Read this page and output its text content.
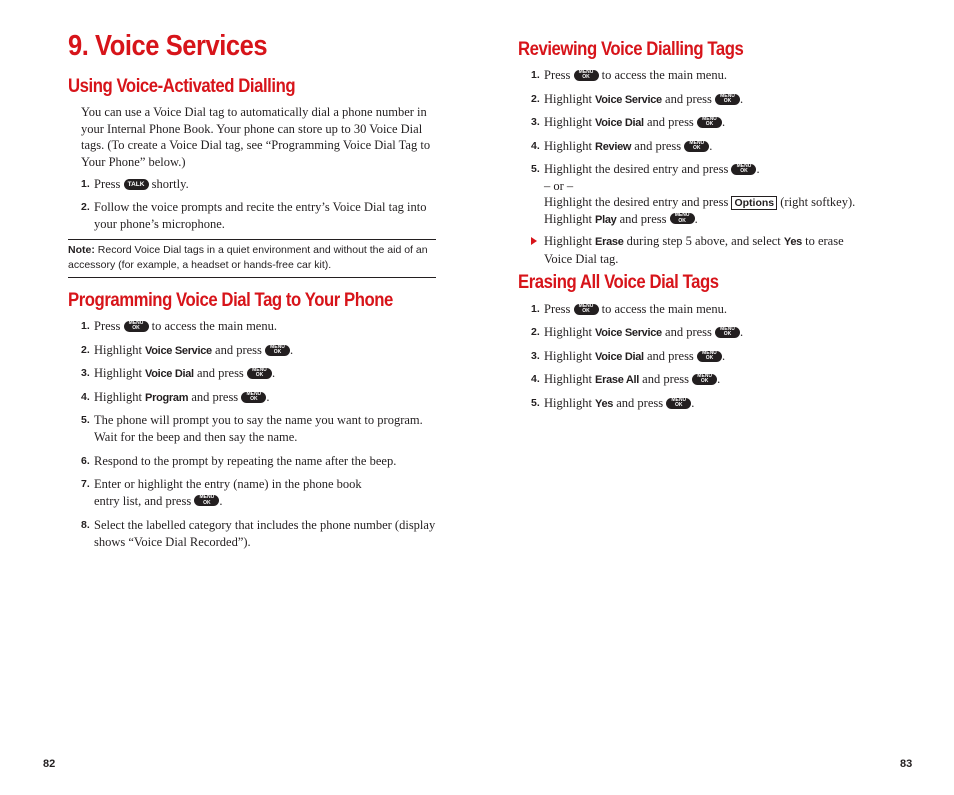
9. Voice Services
Using Voice-Activated Dialling
You can use a Voice Dial tag to automatically dial a phone number in your Internal Phone Book. Your phone can store up to 30 Voice Dial tags. (To create a Voice Dial tag, see “Programming Voice Dial Tag to Your Phone” below.)
1. Press TALK shortly.
2. Follow the voice prompts and recite the entry’s Voice Dial tag into your phone’s microphone.
Note: Record Voice Dial tags in a quiet environment and without the aid of an accessory (for example, a headset or hands-free car kit).
Programming Voice Dial Tag to Your Phone
1. Press MENU
OK to access the main menu.
2. Highlight Voice Service and press MENU
OK .
3. Highlight Voice Dial and press MENU
OK .
4. Highlight Program and press MENU
OK .
5. The phone will prompt you to say the name you want to program. Wait for the beep and then say the name.
6. Respond to the prompt by repeating the name after the beep.
7. Enter or highlight the entry (name) in the phone book
entry list, and press MENU
OK .
8. Select the labelled category that includes the phone number (display shows “Voice Dial Recorded”).
82
Reviewing Voice Dialling Tags
1. Press MENU
OK to access the main menu.
2. Highlight Voice Service and press MENU
OK .
3. Highlight Voice Dial and press MENU
OK .
4. Highlight Review and press MENU
OK .
5. Highlight the desired entry and press MENU
OK .
– or –
Highlight the desired entry and press Options (right softkey).
Highlight Play and press MENU
OK .
Highlight Erase during step 5 above, and select Yes to erase
Voice Dial tag.
Erasing All Voice Dial Tags
1. Press MENU
OK to access the main menu.
2. Highlight Voice Service and press MENU
OK .
3. Highlight Voice Dial and press MENU
OK .
4. Highlight Erase All and press MENU
OK .
5. Highlight Yes and press MENU
OK .
83
